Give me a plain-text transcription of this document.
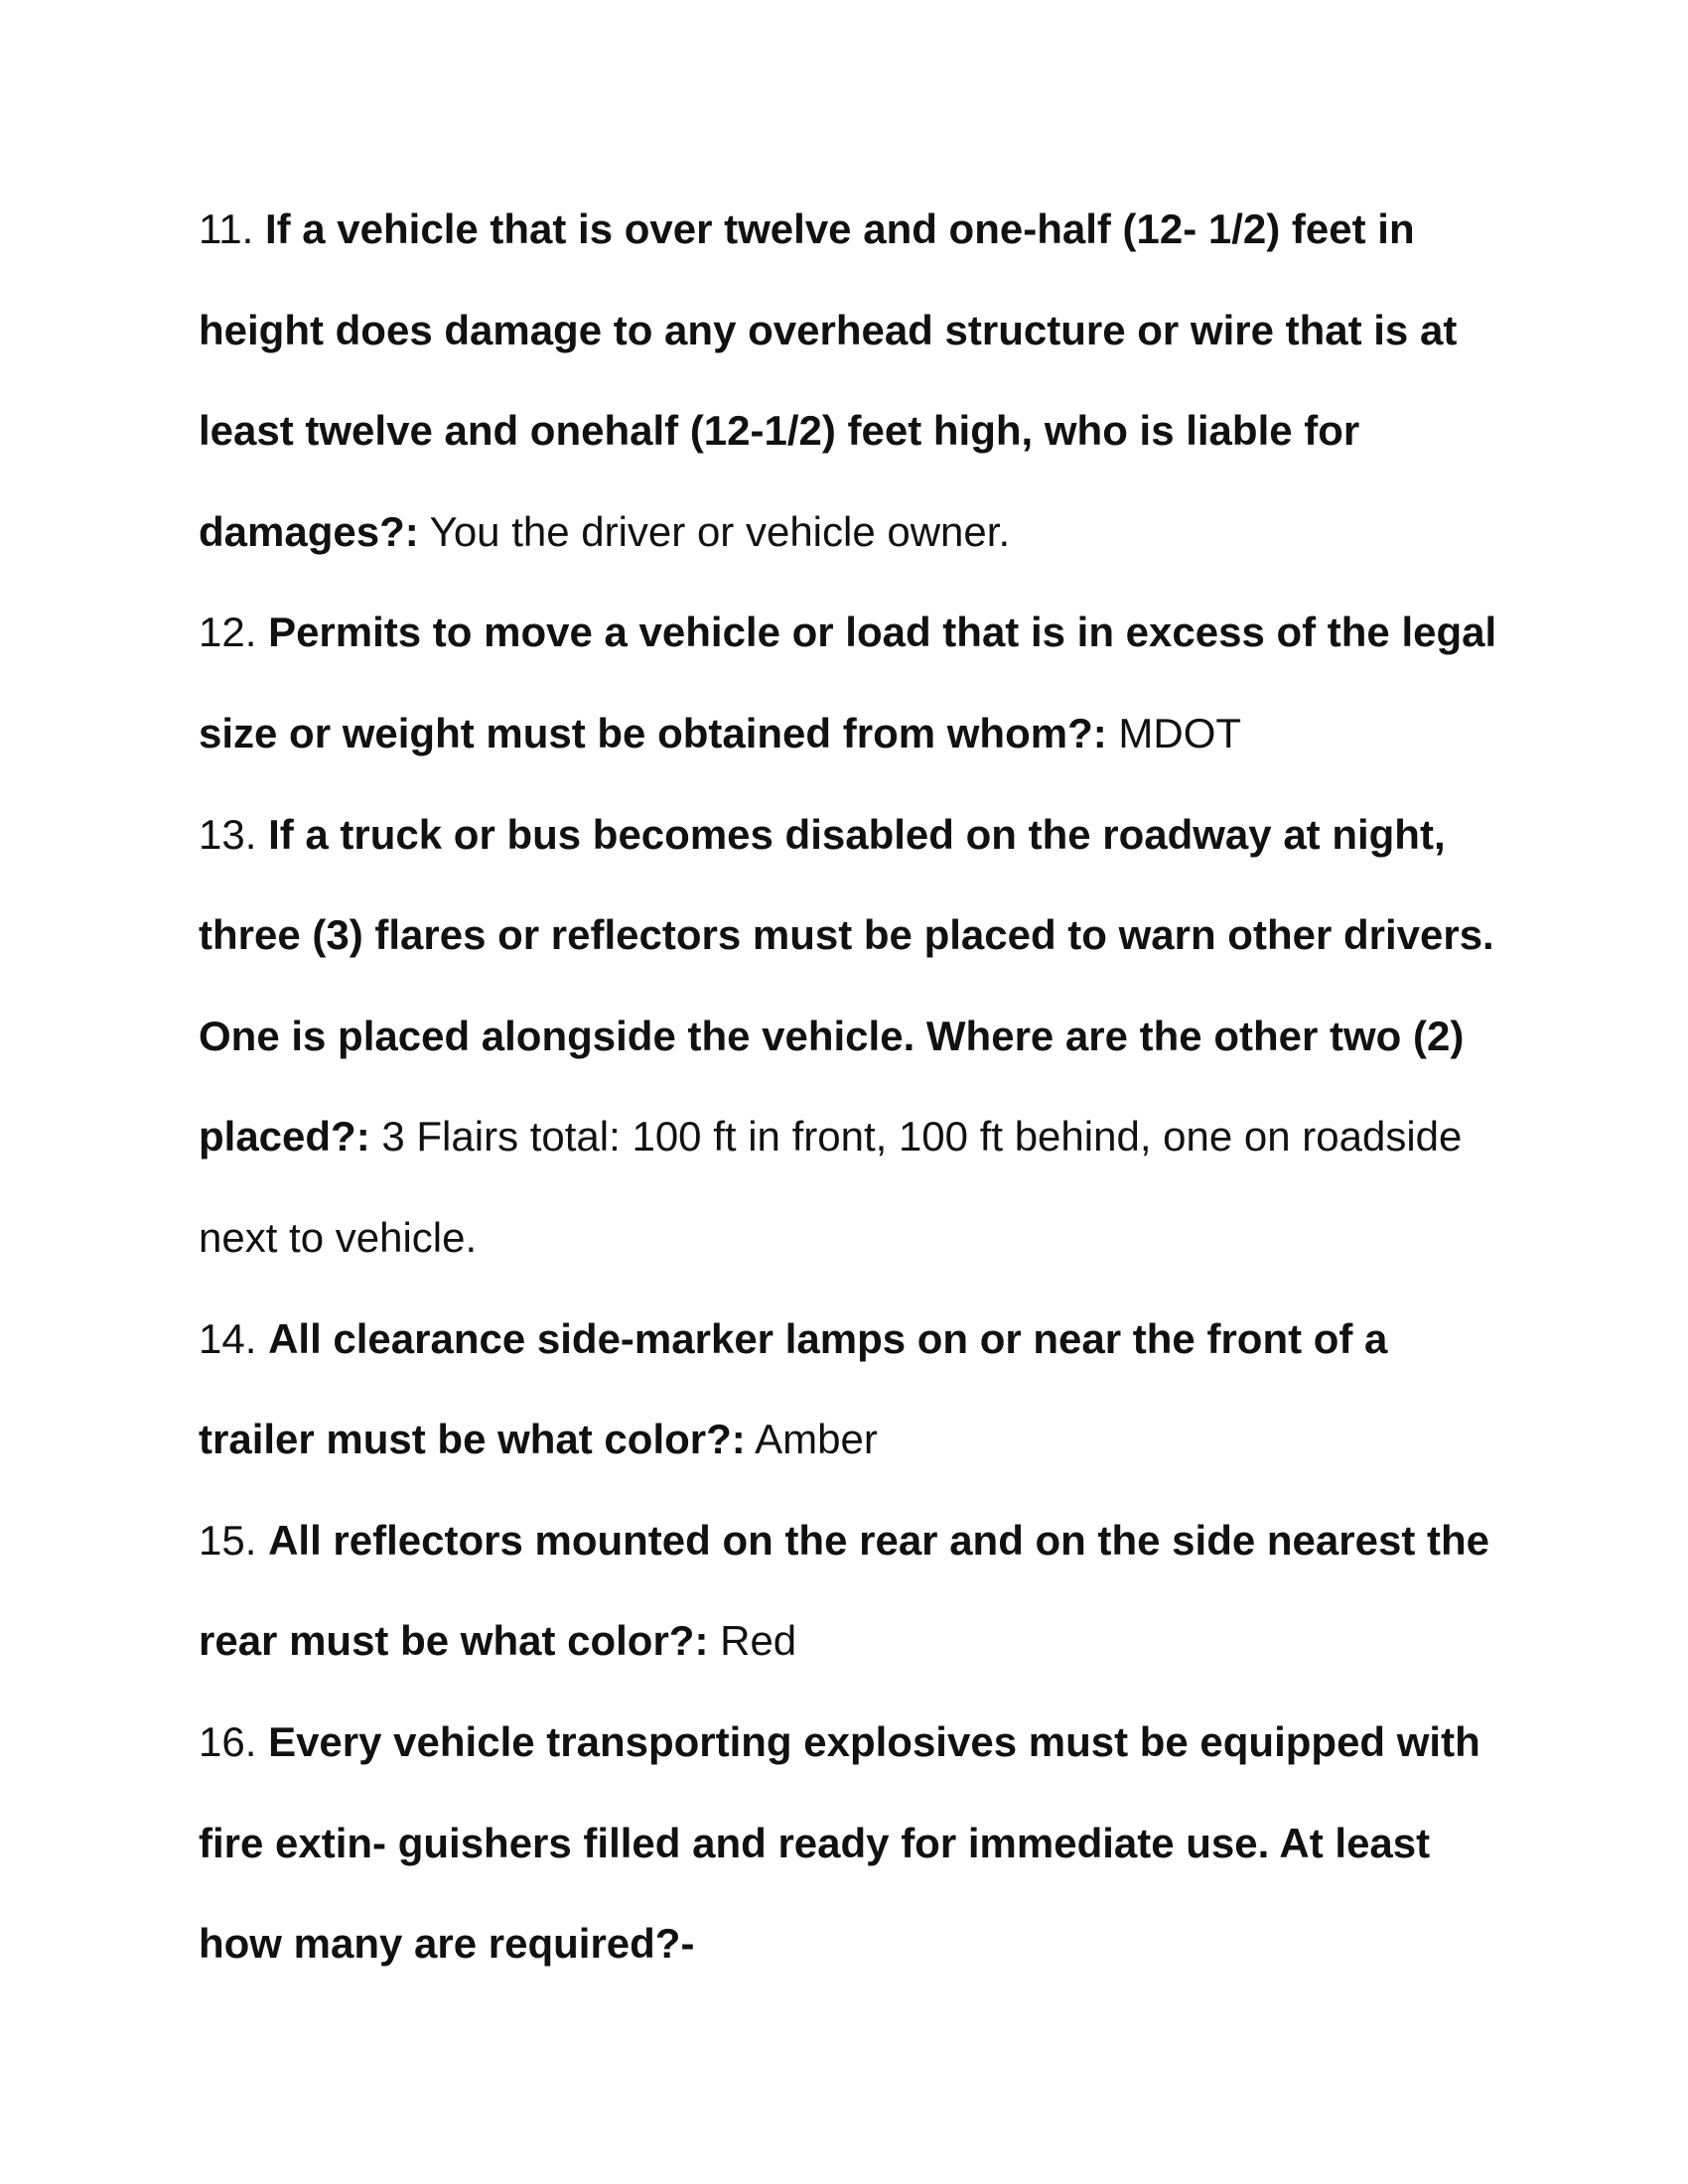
11. If a vehicle that is over twelve and one-half (12- 1/2) feet in height does damage to any overhead structure or wire that is at least twelve and onehalf (12-1/2) feet high, who is liable for damages?: You the driver or vehicle owner.

12. Permits to move a vehicle or load that is in excess of the legal size or weight must be obtained from whom?: MDOT

13. If a truck or bus becomes disabled on the roadway at night, three (3) flares or reflectors must be placed to warn other drivers. One is placed alongside the vehicle. Where are the other two (2) placed?: 3 Flairs total: 100 ft in front, 100 ft behind, one on roadside next to vehicle.

14. All clearance side-marker lamps on or near the front of a trailer must be what color?: Amber

15. All reflectors mounted on the rear and on the side nearest the rear must be what color?: Red

16. Every vehicle transporting explosives must be equipped with fire extin- guishers filled and ready for immediate use. At least how many are required?-
